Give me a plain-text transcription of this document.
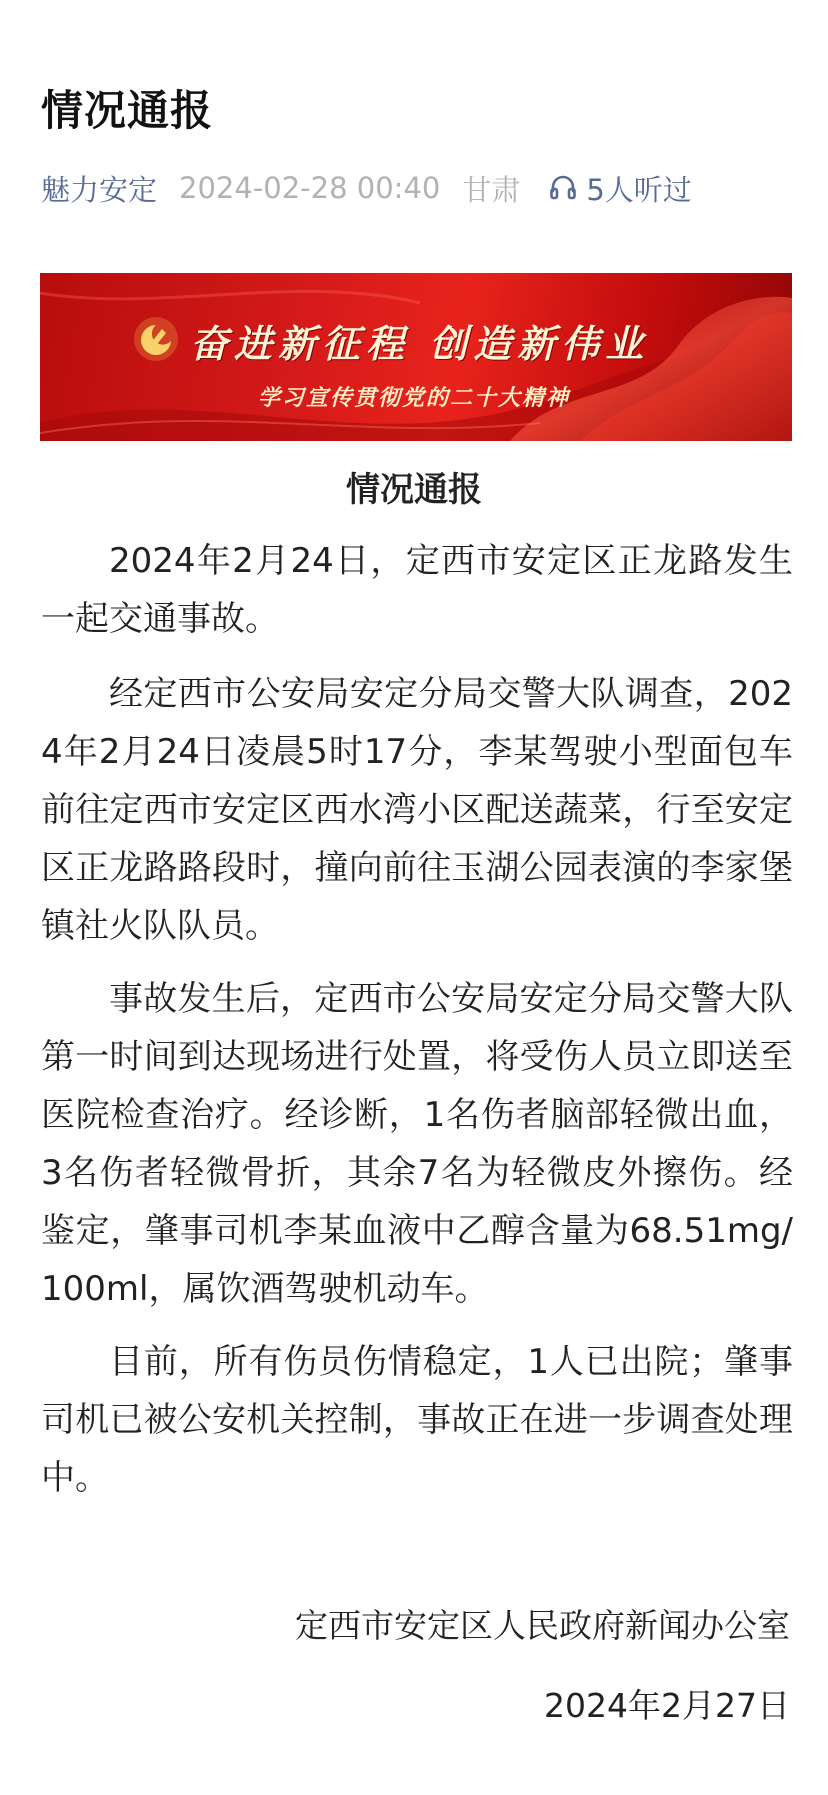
情况通报
魅力安定 2024-02-28 00:40 甘肃 5人听过
奋进新征程 创造新伟业
学习宣传贯彻党的二十大精神
情况通报

2024年2月24日，定西市安定区正龙路发生一起交通事故。

经定西市公安局安定分局交警大队调查，2024年2月24日凌晨5时17分，李某驾驶小型面包车前往定西市安定区西水湾小区配送蔬菜，行至安定区正龙路路段时，撞向前往玉湖公园表演的李家堡镇社火队队员。

事故发生后，定西市公安局安定分局交警大队第一时间到达现场进行处置，将受伤人员立即送至医院检查治疗。经诊断，1名伤者脑部轻微出血，3名伤者轻微骨折，其余7名为轻微皮外擦伤。经鉴定，肇事司机李某血液中乙醇含量为68.51mg/100ml，属饮酒驾驶机动车。

目前，所有伤员伤情稳定，1人已出院；肇事司机已被公安机关控制，事故正在进一步调查处理中。

定西市安定区人民政府新闻办公室

2024年2月27日
